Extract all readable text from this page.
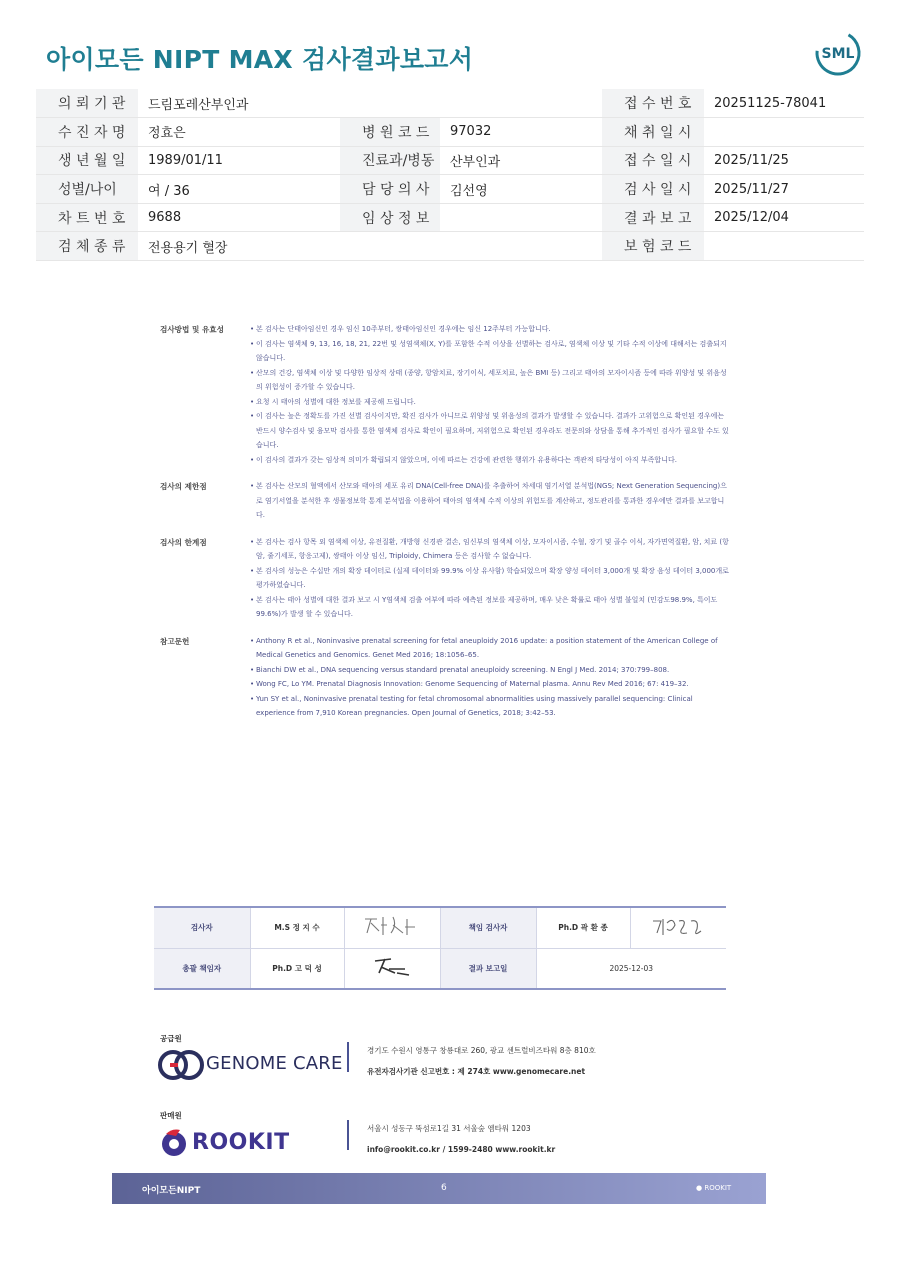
아이모든 NIPT MAX 검사결과보고서	SML
의 뢰 기 관	드림포레산부인과			접 수 번 호	20251125-78041
수 진 자 명	정효은	병 원 코 드	97032	채 취 일 시	
생 년 월 일	1989/01/11	진료과/병동	산부인과	접 수 일 시	2025/11/25
성별/나이	여 / 36	담 당 의 사	김선영	검 사 일 시	2025/11/27
차 트 번 호	9688	임 상 정 보		결 과 보 고	2025/12/04
검 체 종 류	전용용기 혈장			보 험 코 드	
검사방법 및 유효성	• 본 검사는 단태아임신인 경우 임신 10주부터, 쌍태아임신인 경우에는 임신 12주부터 가능합니다.
• 이 검사는 염색체 9, 13, 16, 18, 21, 22번 및 성염색체(X, Y)를 포함한 수적 이상을 선별하는 검사로, 염색체 이상 및 기타 수적 이상에 대해서는 검출되지 않습니다.
• 산모의 건강, 염색체 이상 및 다양한 임상적 상태 (종양, 항암치료, 장기이식, 세포치료, 높은 BMI 등) 그리고 태아의 모자이시즘 등에 따라 위양성 및 위음성의 위험성이 증가할 수 있습니다.
• 요청 시 태아의 성별에 대한 정보를 제공해 드립니다.
• 이 검사는 높은 정확도를 가진 선별 검사이지만, 확진 검사가 아니므로 위양성 및 위음성의 결과가 발생할 수 있습니다. 결과가 고위험으로 확인된 경우에는 반드시 양수검사 및 융모막 검사를 통한 염색체 검사로 확인이 필요하며, 저위험으로 확인된 경우라도 전문의와 상담을 통해 추가적인 검사가 필요할 수도 있습니다.
• 이 검사의 결과가 갖는 임상적 의미가 확립되지 않았으며, 이에 따르는 건강에 관련한 행위가 유용하다는 객관적 타당성이 아직 부족합니다.
검사의 제한점	• 본 검사는 산모의 혈액에서 산모와 태아의 세포 유리 DNA(Cell-free DNA)를 추출하여 차세대 염기서열 분석법(NGS; Next Generation Sequencing)으로 염기서열을 분석한 후 생물정보학 통계 분석법을 이용하여 태아의 염색체 수적 이상의 위험도를 계산하고, 정도관리를 통과한 경우에만 결과를 보고합니다.
검사의 한계점	• 본 검사는 검사 항목 외 염색체 이상, 유전질환, 개방형 신경관 결손, 임신부의 염색체 이상, 모자이시즘, 수혈, 장기 및 골수 이식, 자가면역질환, 암, 치료 (항암, 줄기세포, 항응고제), 쌍태아 이상 임신, Triploidy, Chimera 등은 검사할 수 없습니다.
• 본 검사의 성능은 수십만 개의 확장 데이터로 (실제 데이터와 99.9% 이상 유사함) 학습되었으며 확장 양성 데이터 3,000개 및 확장 음성 데이터 3,000개로 평가하였습니다.
• 본 검사는 태아 성별에 대한 결과 보고 시 Y염색체 검출 여부에 따라 예측된 정보를 제공하며, 매우 낮은 확률로 태아 성별 불일치 (민감도98.9%, 특이도 99.6%)가 발생 할 수 있습니다.
참고문헌	• Anthony R et al., Noninvasive prenatal screening for fetal aneuploidy 2016 update: a position statement of the American College of Medical Genetics and Genomics. Genet Med 2016; 18:1056–65.
• Bianchi DW et al., DNA sequencing versus standard prenatal aneuploidy screening. N Engl J Med. 2014; 370:799–808.
• Wong FC, Lo YM. Prenatal Diagnosis Innovation: Genome Sequencing of Maternal plasma. Annu Rev Med 2016; 67: 419–32.
• Yun SY et al., Noninvasive prenatal testing for fetal chromosomal abnormalities using massively parallel sequencing: Clinical experience from 7,910 Korean pregnancies. Open Journal of Genetics, 2018; 3:42–53.
검사자	M.S 정 지 수		책임 검사자	Ph.D 곽 환 종	
총괄 책임자	Ph.D 고 덕 성		결과 보고일	2025-12-03	
공급원
GENOME CARE
경기도 수원시 영통구 창룡대로 260, 광교 센트럴비즈타워 8층 810호
유전자검사기관 신고번호 : 제 274호 www.genomecare.net
판매원
ROOKIT
서울시 성동구 뚝섬로1길 31 서울숲 엠타워 1203
info@rookit.co.kr / 1599-2480 www.rookit.kr
아이모든NIPT	6	● ROOKIT
